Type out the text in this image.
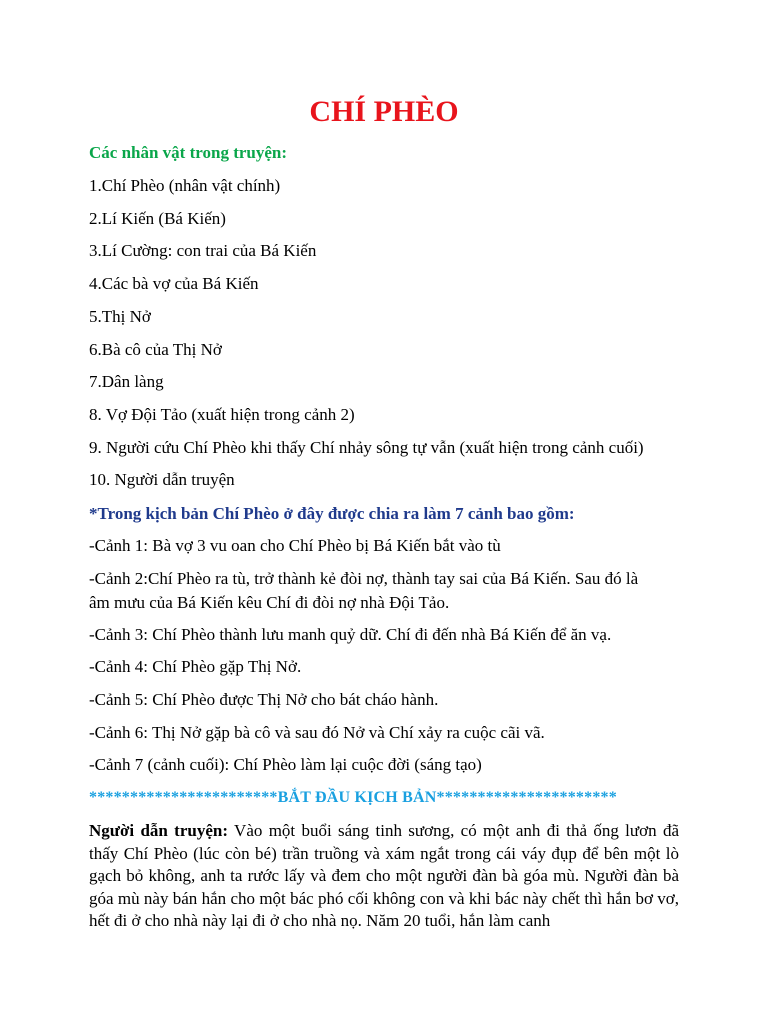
CHÍ PHÈO
Các nhân vật trong truyện:
1.Chí Phèo (nhân vật chính)
2.Lí Kiến (Bá Kiến)
3.Lí Cường: con trai của Bá Kiến
4.Các bà vợ của Bá Kiến
5.Thị Nở
6.Bà cô của Thị Nở
7.Dân làng
8. Vợ Đội Tảo (xuất hiện trong cảnh 2)
9. Người cứu Chí Phèo khi thấy Chí nhảy sông tự vẫn (xuất hiện trong cảnh cuối)
10. Người dẫn truyện
*Trong kịch bản Chí Phèo ở đây được chia ra làm 7 cảnh bao gồm:
-Cảnh 1: Bà vợ 3 vu oan cho Chí Phèo bị Bá Kiến bắt vào tù
-Cảnh 2:Chí Phèo ra tù, trở thành kẻ đòi nợ, thành tay sai của Bá Kiến. Sau đó là
âm mưu của Bá Kiến kêu Chí đi đòi nợ nhà Đội Tảo.
-Cảnh 3: Chí Phèo thành lưu manh quỷ dữ. Chí đi đến nhà Bá Kiến để ăn vạ.
-Cảnh 4: Chí Phèo gặp Thị Nở.
-Cảnh 5: Chí Phèo được Thị Nở cho bát cháo hành.
-Cảnh 6: Thị Nở gặp bà cô và sau đó Nở và Chí xảy ra cuộc cãi vã.
-Cảnh 7 (cảnh cuối): Chí Phèo làm lại cuộc đời (sáng tạo)
***********************BẮT ĐẦU KỊCH BẢN**********************
Người dẫn truyện: Vào một buổi sáng tinh sương, có một anh đi thả ống lươn đã thấy Chí Phèo (lúc còn bé) trần truồng và xám ngắt trong cái váy đụp để bên một lò gạch bỏ không, anh ta rước lấy và đem cho một người đàn bà góa mù. Người đàn bà góa mù này bán hắn cho một bác phó cối không con và khi bác này chết thì hắn bơ vơ, hết đi ở cho nhà này lại đi ở cho nhà nọ. Năm 20 tuổi, hắn làm canh
